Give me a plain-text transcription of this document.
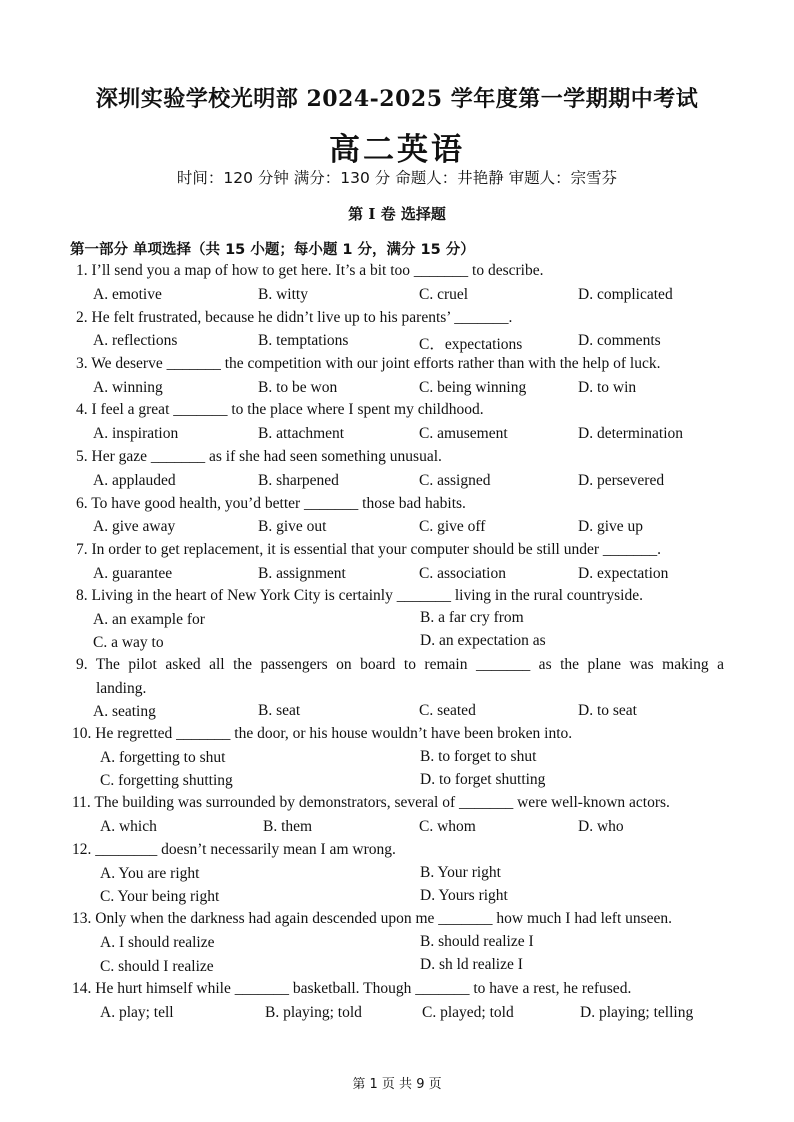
深圳实验学校光明部 2024-2025 学年度第一学期期中考试
高二英语
时间：120 分钟 满分：130 分 命题人：井艳静 审题人：宗雪芬
第 I 卷 选择题
第一部分 单项选择（共 15 小题；每小题 1 分，满分 15 分）
1. I’ll send you a map of how to get here. It’s a bit too _______ to describe.
A. emotive	B. witty	C. cruel	D. complicated
2. He felt frustrated, because he didn’t live up to his parents’ _______.
A. reflections	B. temptations	C．expectations	D. comments
3. We deserve _______ the competition with our joint efforts rather than with the help of luck.
A. winning	B. to be won	C. being winning	D. to win
4. I feel a great _______ to the place where I spent my childhood.
A. inspiration	B. attachment	C. amusement	D. determination
5. Her gaze _______ as if she had seen something unusual.
A. applauded	B. sharpened	C. assigned	D. persevered
6. To have good health, you’d better _______ those bad habits.
A. give away	B. give out	C. give off	D. give up
7. In order to get replacement, it is essential that your computer should be still under _______.
A. guarantee	B. assignment	C. association	D. expectation
8. Living in the heart of New York City is certainly _______ living in the rural countryside.
A. an example for	B. a far cry from
C. a way to	D. an expectation as
9. The pilot asked all the passengers on board to remain _______ as the plane was making a
landing.
A. seating	B. seat	C. seated	D. to seat
10. He regretted _______ the door, or his house wouldn’t have been broken into.
A. forgetting to shut	B. to forget to shut
C. forgetting shutting	D. to forget shutting
11. The building was surrounded by demonstrators, several of _______ were well-known actors.
A. which	B. them	C. whom	D. who
12. ________ doesn’t necessarily mean I am wrong.
A. You are right	B. Your right
C. Your being right	D. Yours right
13. Only when the darkness had again descended upon me _______ how much I had left unseen.
A. I should realize	B. should realize I
C. should I realize	D. sh ld realize I
14. He hurt himself while _______ basketball. Though _______ to have a rest, he refused.
A. play; tell	B. playing; told	C. played; told	D. playing; telling
第 1 页 共 9 页
